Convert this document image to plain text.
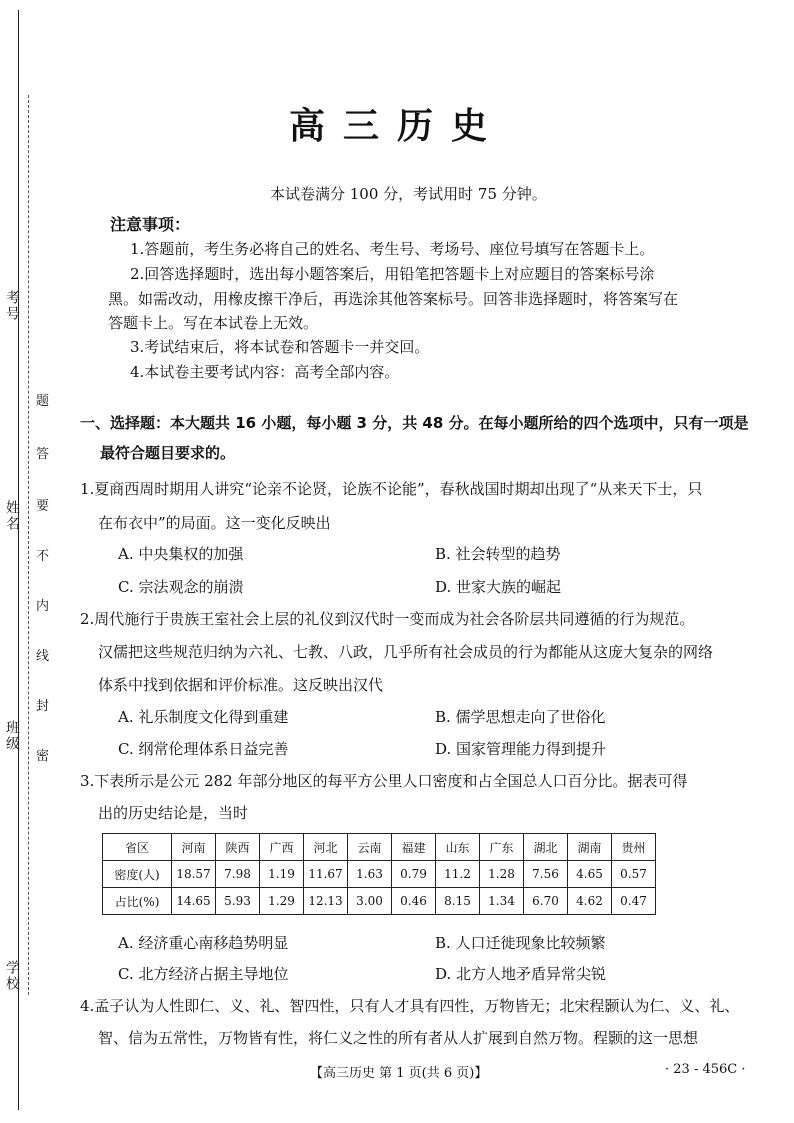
学校
班级
姓名
考号
密
封
线
内
不
要
答
题
高三历史
本试卷满分 100 分，考试用时 75 分钟。
注意事项：
1.答题前，考生务必将自己的姓名、考生号、考场号、座位号填写在答题卡上。
2.回答选择题时，选出每小题答案后，用铅笔把答题卡上对应题目的答案标号涂
黑。如需改动，用橡皮擦干净后，再选涂其他答案标号。回答非选择题时，将答案写在
答题卡上。写在本试卷上无效。
3.考试结束后，将本试卷和答题卡一并交回。
4.本试卷主要考试内容：高考全部内容。
一、选择题：本大题共 16 小题，每小题 3 分，共 48 分。在每小题所给的四个选项中，只有一项是
最符合题目要求的。
1.夏商西周时期用人讲究“论亲不论贤，论族不论能”，春秋战国时期却出现了“从来天下士，只
在布衣中”的局面。这一变化反映出
A. 中央集权的加强	B. 社会转型的趋势
C. 宗法观念的崩溃	D. 世家大族的崛起
2.周代施行于贵族王室社会上层的礼仪到汉代时一变而成为社会各阶层共同遵循的行为规范。
汉儒把这些规范归纳为六礼、七教、八政，几乎所有社会成员的行为都能从这庞大复杂的网络
体系中找到依据和评价标准。这反映出汉代
A. 礼乐制度文化得到重建	B. 儒学思想走向了世俗化
C. 纲常伦理体系日益完善	D. 国家管理能力得到提升
3.下表所示是公元 282 年部分地区的每平方公里人口密度和占全国总人口百分比。据表可得
出的历史结论是，当时
省区	河南	陕西	广西	河北	云南	福建	山东	广东	湖北	湖南	贵州
密度(人)	18.57	7.98	1.19	11.67	1.63	0.79	11.2	1.28	7.56	4.65	0.57
占比(%)	14.65	5.93	1.29	12.13	3.00	0.46	8.15	1.34	6.70	4.62	0.47
A. 经济重心南移趋势明显	B. 人口迁徙现象比较频繁
C. 北方经济占据主导地位	D. 北方人地矛盾异常尖锐
4.孟子认为人性即仁、义、礼、智四性，只有人才具有四性，万物皆无；北宋程颢认为仁、义、礼、
智、信为五常性，万物皆有性，将仁义之性的所有者从人扩展到自然万物。程颢的这一思想
【高三历史 第 1 页(共 6 页)】	· 23 - 456C ·
